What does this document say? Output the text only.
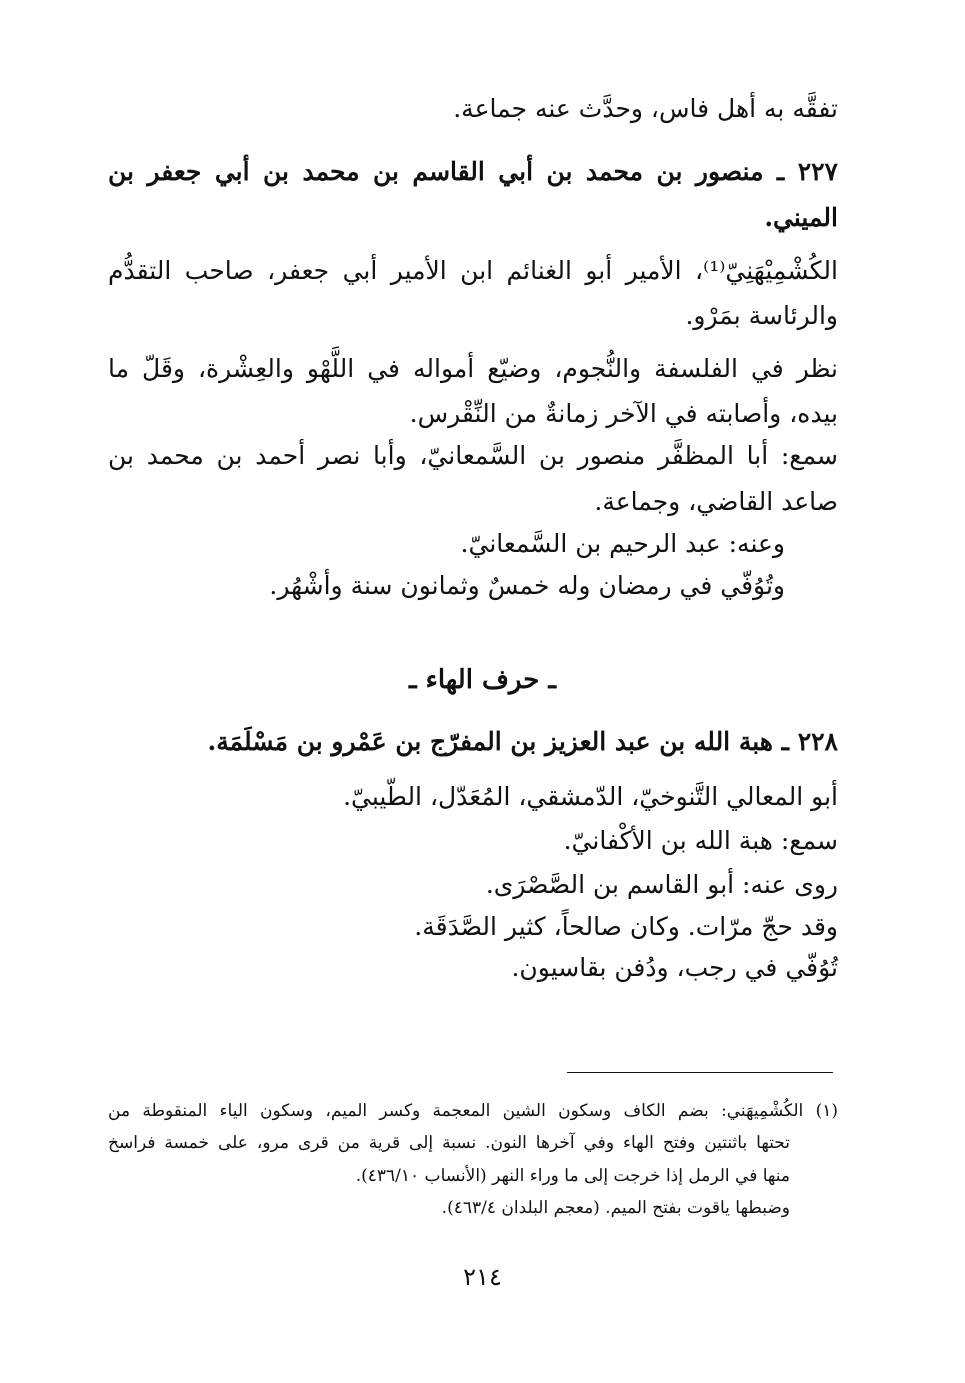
تفقَّه به أهل فاس، وحدَّث عنه جماعة.
٢٢٧ ـ منصور بن محمد بن أبي القاسم بن محمد بن أبي جعفر بن
الميني.
الكُشْمِيْهَنِيّ⁽¹⁾، الأمير أبو الغنائم ابن الأمير أبي جعفر، صاحب التقدُّم
والرئاسة بمَرْو.
نظر في الفلسفة والنُّجوم، وضيّع أمواله في اللَّهْو والعِشْرة، وقَلّ ما
بيده، وأصابته في الآخر زمانةٌ من النِّقْرس.
سمع: أبا المظفَّر منصور بن السَّمعانيّ، وأبا نصر أحمد بن محمد بن
صاعد القاضي، وجماعة.
وعنه: عبد الرحيم بن السَّمعانيّ.
وتُوُفّي في رمضان وله خمسٌ وثمانون سنة وأشْهُر.
ـ حرف الهاء ـ
٢٢٨ ـ هبة الله بن عبد العزيز بن المفرّج بن عَمْرو بن مَسْلَمَة.
أبو المعالي التَّنوخيّ، الدّمشقي، المُعَدّل، الطّيبيّ.
سمع: هبة الله بن الأكْفانيّ.
روى عنه: أبو القاسم بن الصَّصْرَى.
وقد حجّ مرّات. وكان صالحاً، كثير الصَّدَقَة.
تُوُفّي في رجب، ودُفن بقاسيون.
(١) الكُشْمِيهَني: بضم الكاف وسكون الشين المعجمة وكسر الميم، وسكون الياء المنقوطة من
تحتها باثنتين وفتح الهاء وفي آخرها النون. نسبة إلى قرية من قرى مرو، على خمسة فراسخ
منها في الرمل إذا خرجت إلى ما وراء النهر (الأنساب ٤٣٦/١٠).
وضبطها ياقوت بفتح الميم. (معجم البلدان ٤٦٣/٤).
٢١٤
